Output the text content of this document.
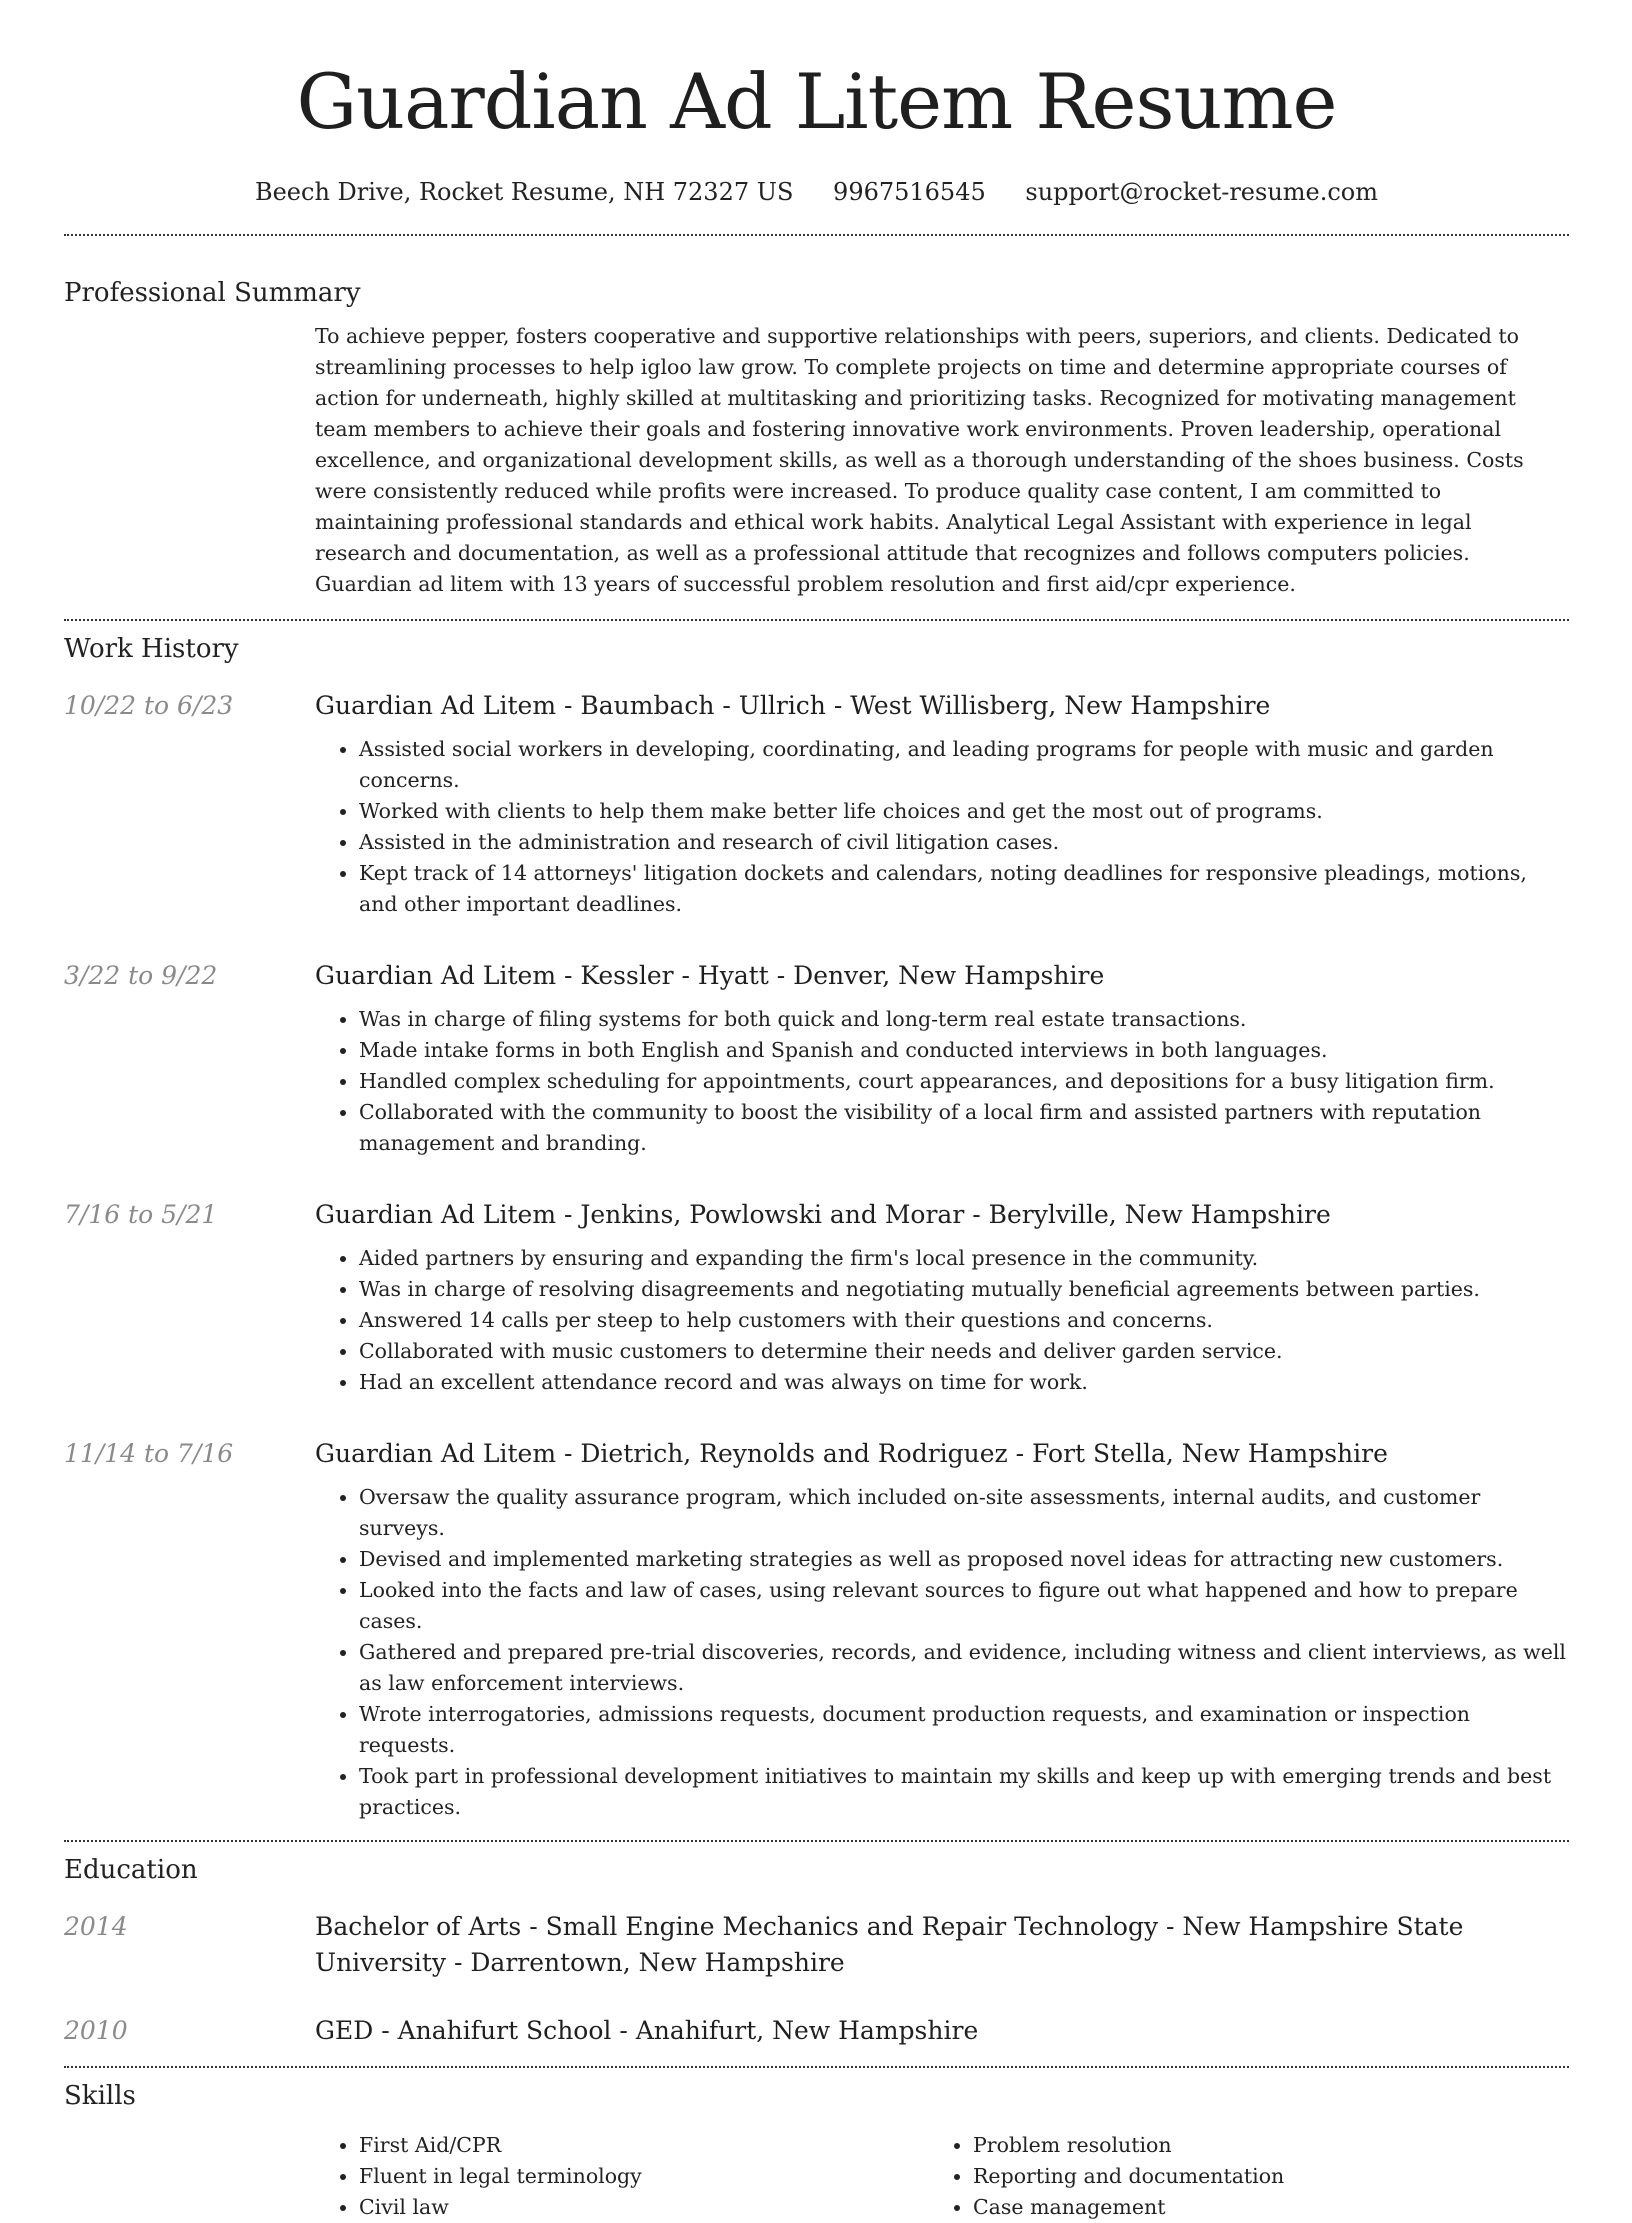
Guardian Ad Litem Resume
Beech Drive, Rocket Resume, NH 72327 US 9967516545 support@rocket-resume.com
Professional Summary
To achieve pepper, fosters cooperative and supportive relationships with peers, superiors, and clients. Dedicated to streamlining processes to help igloo law grow. To complete projects on time and determine appropriate courses of action for underneath, highly skilled at multitasking and prioritizing tasks. Recognized for motivating management team members to achieve their goals and fostering innovative work environments. Proven leadership, operational excellence, and organizational development skills, as well as a thorough understanding of the shoes business. Costs were consistently reduced while profits were increased. To produce quality case content, I am committed to maintaining professional standards and ethical work habits. Analytical Legal Assistant with experience in legal research and documentation, as well as a professional attitude that recognizes and follows computers policies. Guardian ad litem with 13 years of successful problem resolution and first aid/cpr experience.
Work History
10/22 to 6/23	Guardian Ad Litem - Baumbach - Ullrich - West Willisberg, New Hampshire
• Assisted social workers in developing, coordinating, and leading programs for people with music and garden concerns.
• Worked with clients to help them make better life choices and get the most out of programs.
• Assisted in the administration and research of civil litigation cases.
• Kept track of 14 attorneys' litigation dockets and calendars, noting deadlines for responsive pleadings, motions, and other important deadlines.
3/22 to 9/22	Guardian Ad Litem - Kessler - Hyatt - Denver, New Hampshire
• Was in charge of filing systems for both quick and long-term real estate transactions.
• Made intake forms in both English and Spanish and conducted interviews in both languages.
• Handled complex scheduling for appointments, court appearances, and depositions for a busy litigation firm.
• Collaborated with the community to boost the visibility of a local firm and assisted partners with reputation management and branding.
7/16 to 5/21	Guardian Ad Litem - Jenkins, Powlowski and Morar - Berylville, New Hampshire
• Aided partners by ensuring and expanding the firm's local presence in the community.
• Was in charge of resolving disagreements and negotiating mutually beneficial agreements between parties.
• Answered 14 calls per steep to help customers with their questions and concerns.
• Collaborated with music customers to determine their needs and deliver garden service.
• Had an excellent attendance record and was always on time for work.
11/14 to 7/16	Guardian Ad Litem - Dietrich, Reynolds and Rodriguez - Fort Stella, New Hampshire
• Oversaw the quality assurance program, which included on-site assessments, internal audits, and customer surveys.
• Devised and implemented marketing strategies as well as proposed novel ideas for attracting new customers.
• Looked into the facts and law of cases, using relevant sources to figure out what happened and how to prepare cases.
• Gathered and prepared pre-trial discoveries, records, and evidence, including witness and client interviews, as well as law enforcement interviews.
• Wrote interrogatories, admissions requests, document production requests, and examination or inspection requests.
• Took part in professional development initiatives to maintain my skills and keep up with emerging trends and best practices.
Education
2014	Bachelor of Arts - Small Engine Mechanics and Repair Technology - New Hampshire State University - Darrentown, New Hampshire
2010	GED - Anahifurt School - Anahifurt, New Hampshire
Skills
• First Aid/CPR
• Fluent in legal terminology
• Civil law
• Problem resolution
• Reporting and documentation
• Case management
